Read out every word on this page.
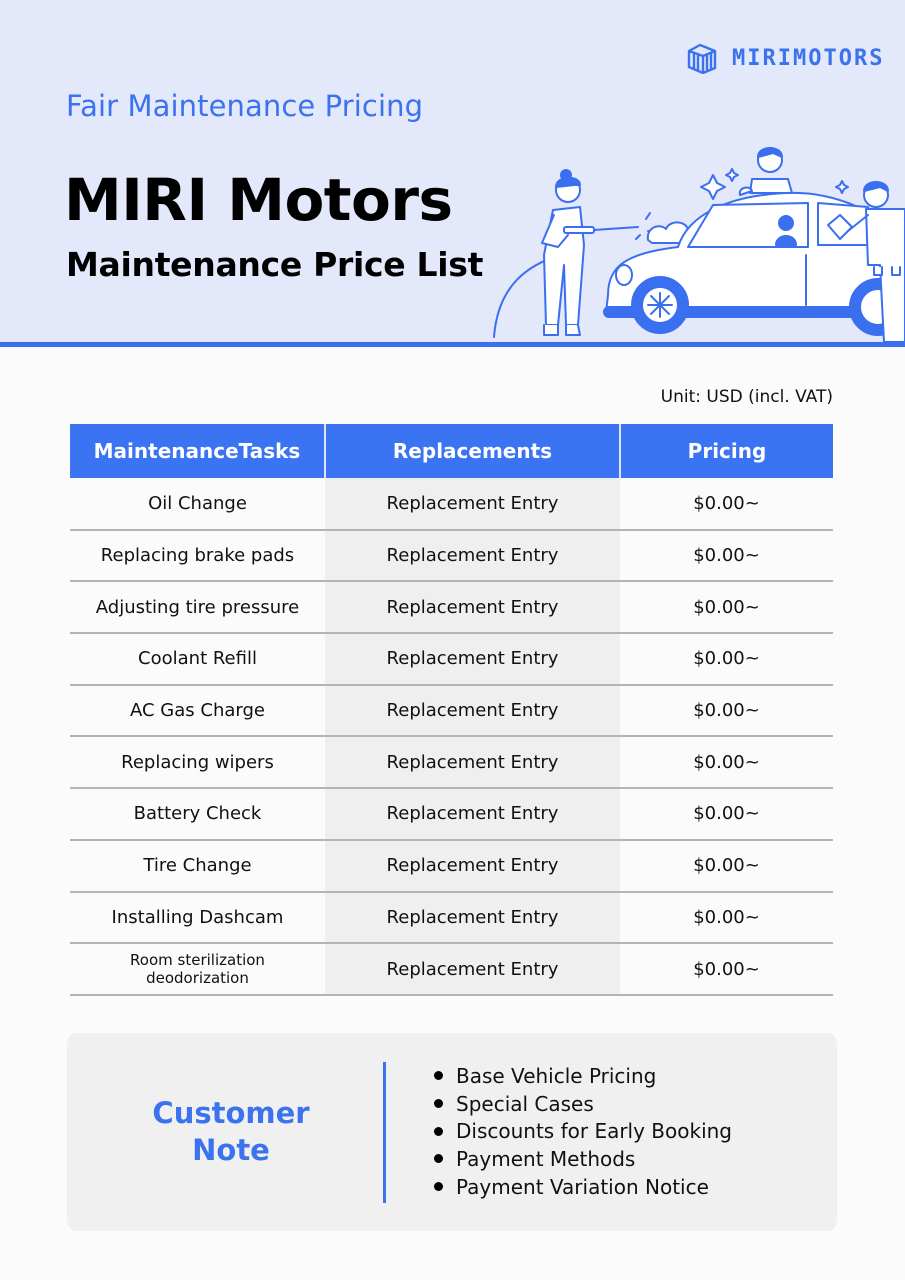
MIRIMOTORS
Fair Maintenance Pricing
MIRI Motors
Maintenance Price List
Unit: USD (incl. VAT)
MaintenanceTasks	Replacements	Pricing
Oil Change	Replacement Entry	$0.00~
Replacing brake pads	Replacement Entry	$0.00~
Adjusting tire pressure	Replacement Entry	$0.00~
Coolant Refill	Replacement Entry	$0.00~
AC Gas Charge	Replacement Entry	$0.00~
Replacing wipers	Replacement Entry	$0.00~
Battery Check	Replacement Entry	$0.00~
Tire Change	Replacement Entry	$0.00~
Installing Dashcam	Replacement Entry	$0.00~

Room sterilization
deodorization	Replacement Entry	$0.00~
Customer
Note
Base Vehicle Pricing
Special Cases
Discounts for Early Booking
Payment Methods
Payment Variation Notice
